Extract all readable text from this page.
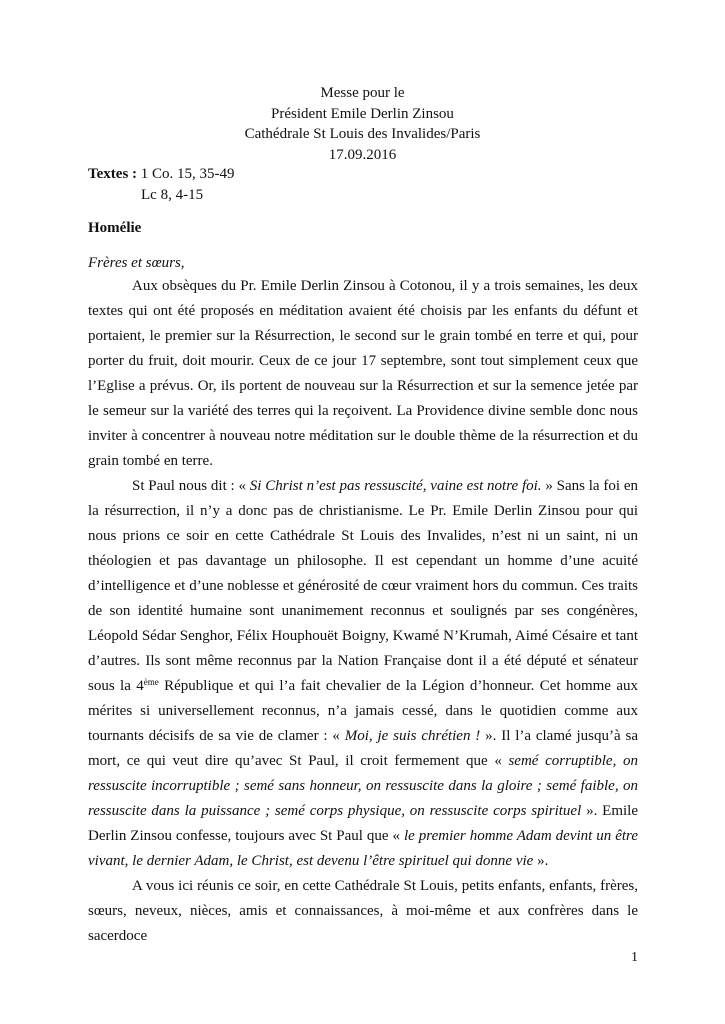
Messe pour le
Président Emile Derlin Zinsou
Cathédrale St Louis des Invalides/Paris
17.09.2016
Textes : 1 Co. 15, 35-49
Lc 8, 4-15
Homélie
Frères et sœurs,

Aux obsèques du Pr. Emile Derlin Zinsou à Cotonou, il y a trois semaines, les deux textes qui ont été proposés en méditation avaient été choisis par les enfants du défunt et portaient, le premier sur la Résurrection, le second sur le grain tombé en terre et qui, pour porter du fruit, doit mourir. Ceux de ce jour 17 septembre, sont tout simplement ceux que l’Eglise a prévus. Or, ils portent de nouveau sur la Résurrection et sur la semence jetée par le semeur sur la variété des terres qui la reçoivent. La Providence divine semble donc nous inviter à concentrer à nouveau notre méditation sur le double thème de la résurrection et du grain tombé en terre.

St Paul nous dit : « Si Christ n’est pas ressuscité, vaine est notre foi. » Sans la foi en la résurrection, il n’y a donc pas de christianisme. Le Pr. Emile Derlin Zinsou pour qui nous prions ce soir en cette Cathédrale St Louis des Invalides, n’est ni un saint, ni un théologien et pas davantage un philosophe. Il est cependant un homme d’une acuité d’intelligence et d’une noblesse et générosité de cœur vraiment hors du commun. Ces traits de son identité humaine sont unanimement reconnus et soulignés par ses congénères, Léopold Sédar Senghor, Félix Houphouët Boigny, Kwamé N’Krumah, Aimé Césaire et tant d’autres. Ils sont même reconnus par la Nation Française dont il a été député et sénateur sous la 4ème République et qui l’a fait chevalier de la Légion d’honneur. Cet homme aux mérites si universellement reconnus, n’a jamais cessé, dans le quotidien comme aux tournants décisifs de sa vie de clamer : « Moi, je suis chrétien ! ». Il l’a clamé jusqu’à sa mort, ce qui veut dire qu’avec St Paul, il croit fermement que « semé corruptible, on ressuscite incorruptible ; semé sans honneur, on ressuscite dans la gloire ; semé faible, on ressuscite dans la puissance ; semé corps physique, on ressuscite corps spirituel ». Emile Derlin Zinsou confesse, toujours avec St Paul que « le premier homme Adam devint un être vivant, le dernier Adam, le Christ, est devenu l’être spirituel qui donne vie ».

A vous ici réunis ce soir, en cette Cathédrale St Louis, petits enfants, enfants, frères, sœurs, neveux, nièces, amis et connaissances, à moi-même et aux confrères dans le sacerdoce

1
